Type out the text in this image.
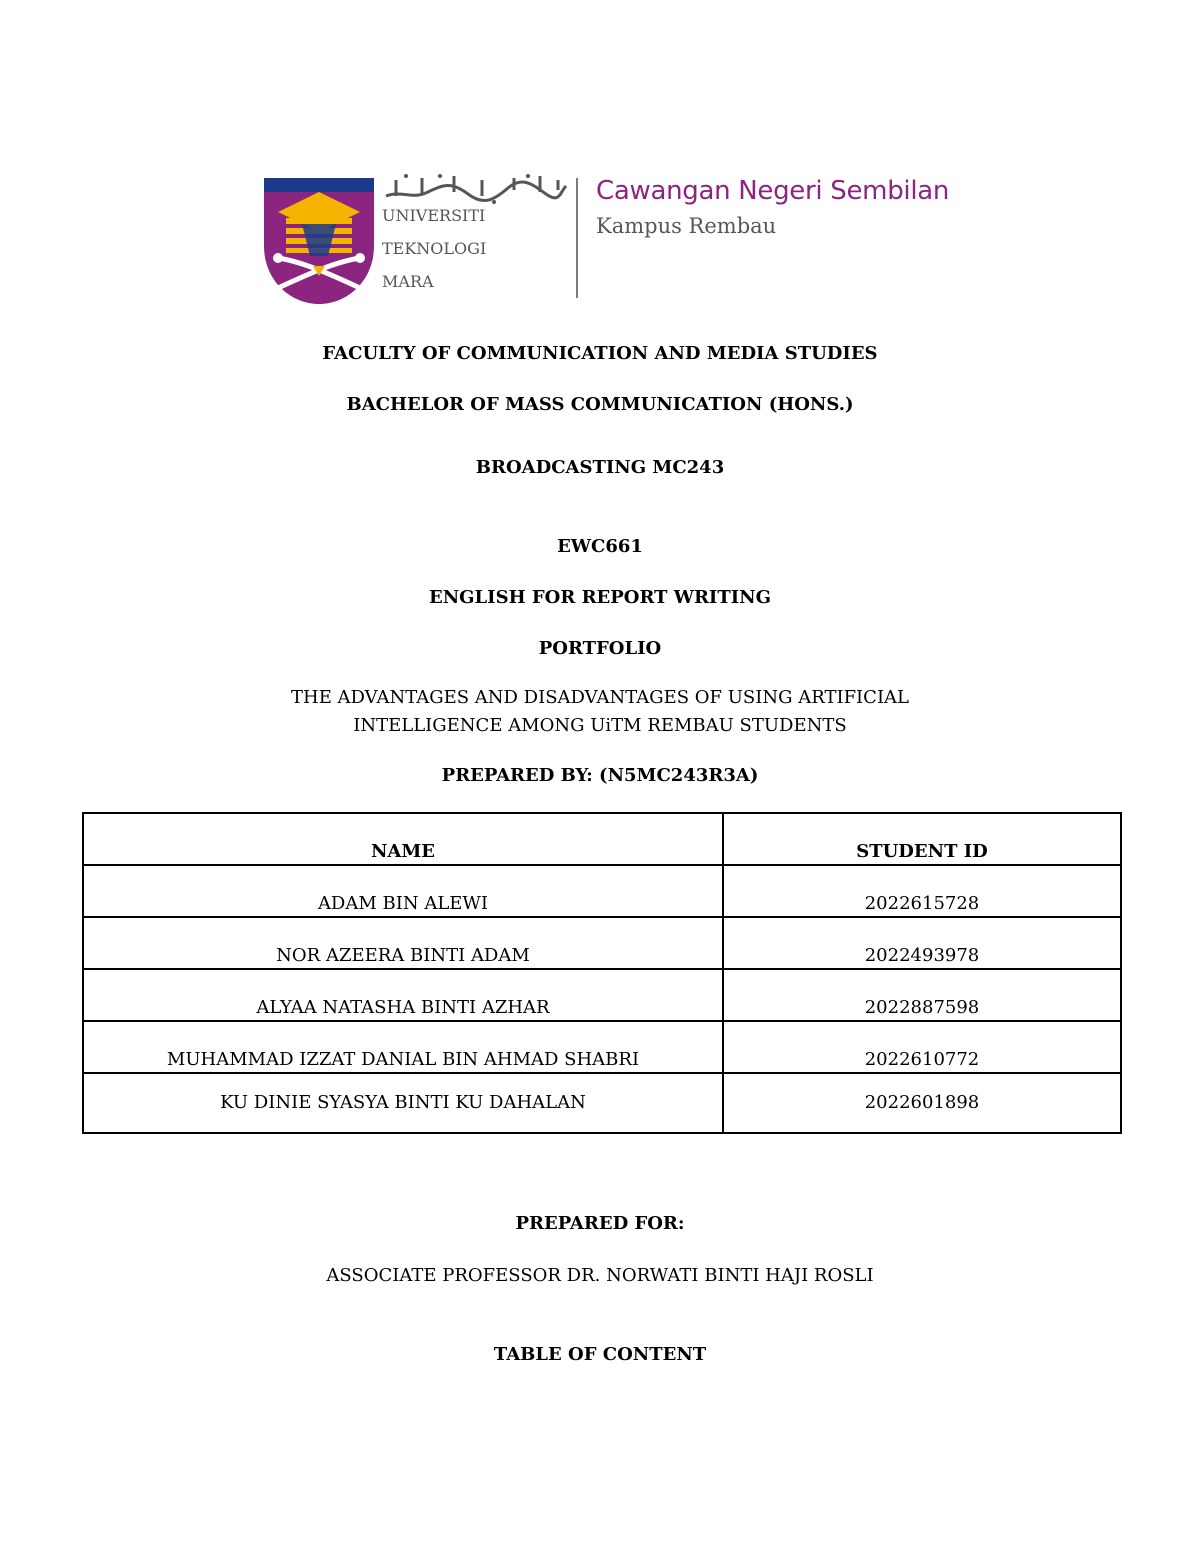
UNIVERSITI
TEKNOLOGI
MARA

Cawangan Negeri Sembilan

Kampus Rembau

FACULTY OF COMMUNICATION AND MEDIA STUDIES

BACHELOR OF MASS COMMUNICATION (HONS.)

BROADCASTING MC243

EWC661

ENGLISH FOR REPORT WRITING

PORTFOLIO

THE ADVANTAGES AND DISADVANTAGES OF USING ARTIFICIAL

INTELLIGENCE AMONG UiTM REMBAU STUDENTS

PREPARED BY: (N5MC243R3A)

NAME	STUDENT ID
ADAM BIN ALEWI	2022615728
NOR AZEERA BINTI ADAM	2022493978
ALYAA NATASHA BINTI AZHAR	2022887598
MUHAMMAD IZZAT DANIAL BIN AHMAD SHABRI	2022610772
KU DINIE SYASYA BINTI KU DAHALAN	2022601898

PREPARED FOR:

ASSOCIATE PROFESSOR DR. NORWATI BINTI HAJI ROSLI

TABLE OF CONTENT
